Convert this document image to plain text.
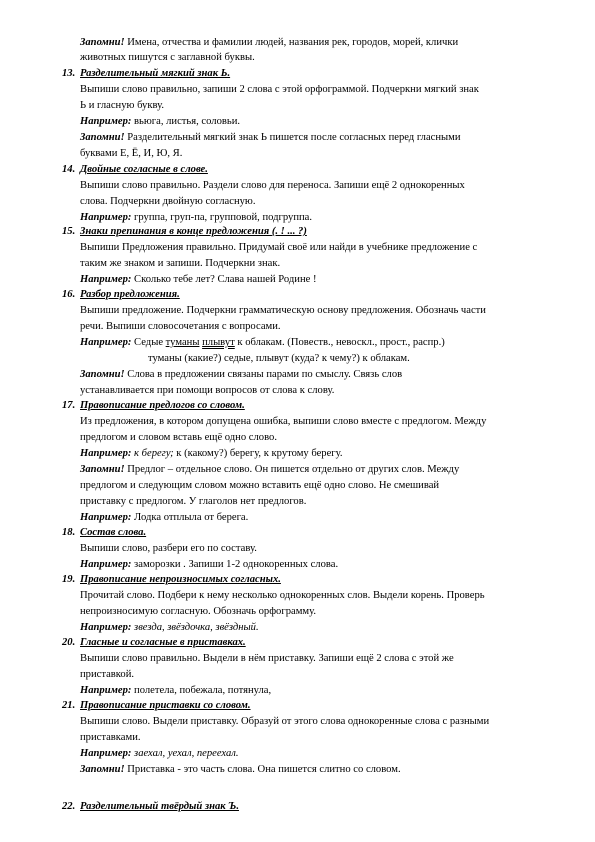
Запомни! Имена, отчества и фамилии людей, названия рек, городов, морей, клички
животных пишутся с заглавной буквы.
13. Разделительный мягкий знак Ь.
Выпиши слово правильно, запиши 2 слова с этой орфограммой. Подчеркни мягкий знак
Ь и гласную букву.
Например: вьюга, листья, соловьи.
Запомни! Разделительный мягкий знак Ь пишется после согласных перед гласными
буквами Е, Ё, И, Ю, Я.
14. Двойные согласные в слове.
Выпиши слово правильно. Раздели слово для переноса. Запиши ещё 2 однокоренных
слова. Подчеркни двойную согласную.
Например: группа, груп-па, групповой, подгруппа.
15. Знаки препинания в конце предложения (. ! ... ?)
Выпиши Предложения правильно. Придумай своё или найди в учебнике предложение с
таким же знаком и запиши. Подчеркни знак.
Например: Сколько тебе лет? Слава нашей Родине !
16. Разбор предложения.
Выпиши предложение. Подчеркни грамматическую основу предложения. Обозначь части
речи. Выпиши словосочетания с вопросами.
Например: Седые туманы плывут к облакам. (Повеств., невоскл., прост., распр.)
туманы (какие?) седые, плывут (куда? к чему?) к облакам.
Запомни! Слова в предложении связаны парами по смыслу. Связь слов
устанавливается при помощи вопросов от слова к слову.
17. Правописание предлогов со словом.
Из предложения, в котором допущена ошибка, выпиши слово вместе с предлогом. Между
предлогом и словом вставь ещё одно слово.
Например: к берегу; к (какому?) берегу, к крутому берегу.
Запомни! Предлог – отдельное слово. Он пишется отдельно от других слов. Между
предлогом и следующим словом можно вставить ещё одно слово. Не смешивай
приставку с предлогом. У глаголов нет предлогов.
Например: Лодка отплыла от берега.
18. Состав слова.
Выпиши слово, разбери его по составу.
Например: заморозки . Запиши 1-2 однокоренных слова.
19. Правописание непроизносимых согласных.
Прочитай слово. Подбери к нему несколько однокоренных слов. Выдели корень. Проверь
непроизносимую согласную. Обозначь орфограмму.
Например: звезда, звёздочка, звёздный.
20. Гласные и согласные в приставках.
Выпиши слово правильно. Выдели в нём приставку. Запиши ещё 2 слова с этой же
приставкой.
Например: полетела, побежала, потянула,
21. Правописание приставки со словом.
Выпиши слово. Выдели приставку. Образуй от этого слова однокоренные слова с разными
приставками.
Например: заехал, уехал, переехал.
Запомни! Приставка - это часть слова. Она пишется слитно со словом.
22. Разделительный твёрдый знак Ъ.
